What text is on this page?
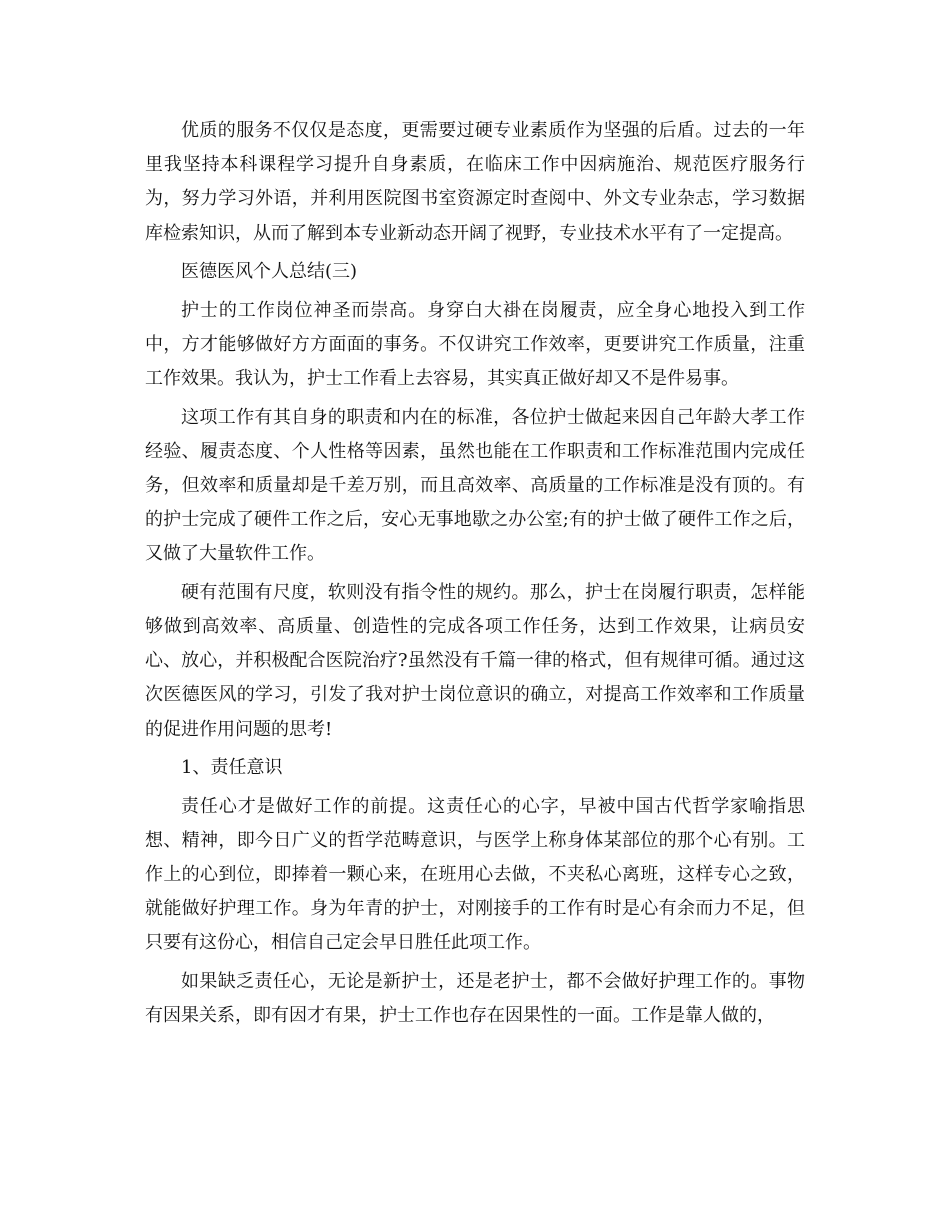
优质的服务不仅仅是态度，更需要过硬专业素质作为坚强的后盾。过去的一年里我坚持本科课程学习提升自身素质，在临床工作中因病施治、规范医疗服务行为，努力学习外语，并利用医院图书室资源定时查阅中、外文专业杂志，学习数据库检索知识，从而了解到本专业新动态开阔了视野，专业技术水平有了一定提高。

医德医风个人总结(三)

护士的工作岗位神圣而崇高。身穿白大褂在岗履责，应全身心地投入到工作中，方才能够做好方方面面的事务。不仅讲究工作效率，更要讲究工作质量，注重工作效果。我认为，护士工作看上去容易，其实真正做好却又不是件易事。

这项工作有其自身的职责和内在的标准，各位护士做起来因自己年龄大孝工作经验、履责态度、个人性格等因素，虽然也能在工作职责和工作标准范围内完成任务，但效率和质量却是千差万别，而且高效率、高质量的工作标准是没有顶的。有的护士完成了硬件工作之后，安心无事地歇之办公室;有的护士做了硬件工作之后，又做了大量软件工作。

硬有范围有尺度，软则没有指令性的规约。那么，护士在岗履行职责，怎样能够做到高效率、高质量、创造性的完成各项工作任务，达到工作效果，让病员安心、放心，并积极配合医院治疗?虽然没有千篇一律的格式，但有规律可循。通过这次医德医风的学习，引发了我对护士岗位意识的确立，对提高工作效率和工作质量的促进作用问题的思考!

1、责任意识

责任心才是做好工作的前提。这责任心的心字，早被中国古代哲学家喻指思想、精神，即今日广义的哲学范畴意识，与医学上称身体某部位的那个心有别。工作上的心到位，即捧着一颗心来，在班用心去做，不夹私心离班，这样专心之致，就能做好护理工作。身为年青的护士，对刚接手的工作有时是心有余而力不足，但只要有这份心，相信自己定会早日胜任此项工作。

如果缺乏责任心，无论是新护士，还是老护士，都不会做好护理工作的。事物有因果关系，即有因才有果，护士工作也存在因果性的一面。工作是靠人做的，
